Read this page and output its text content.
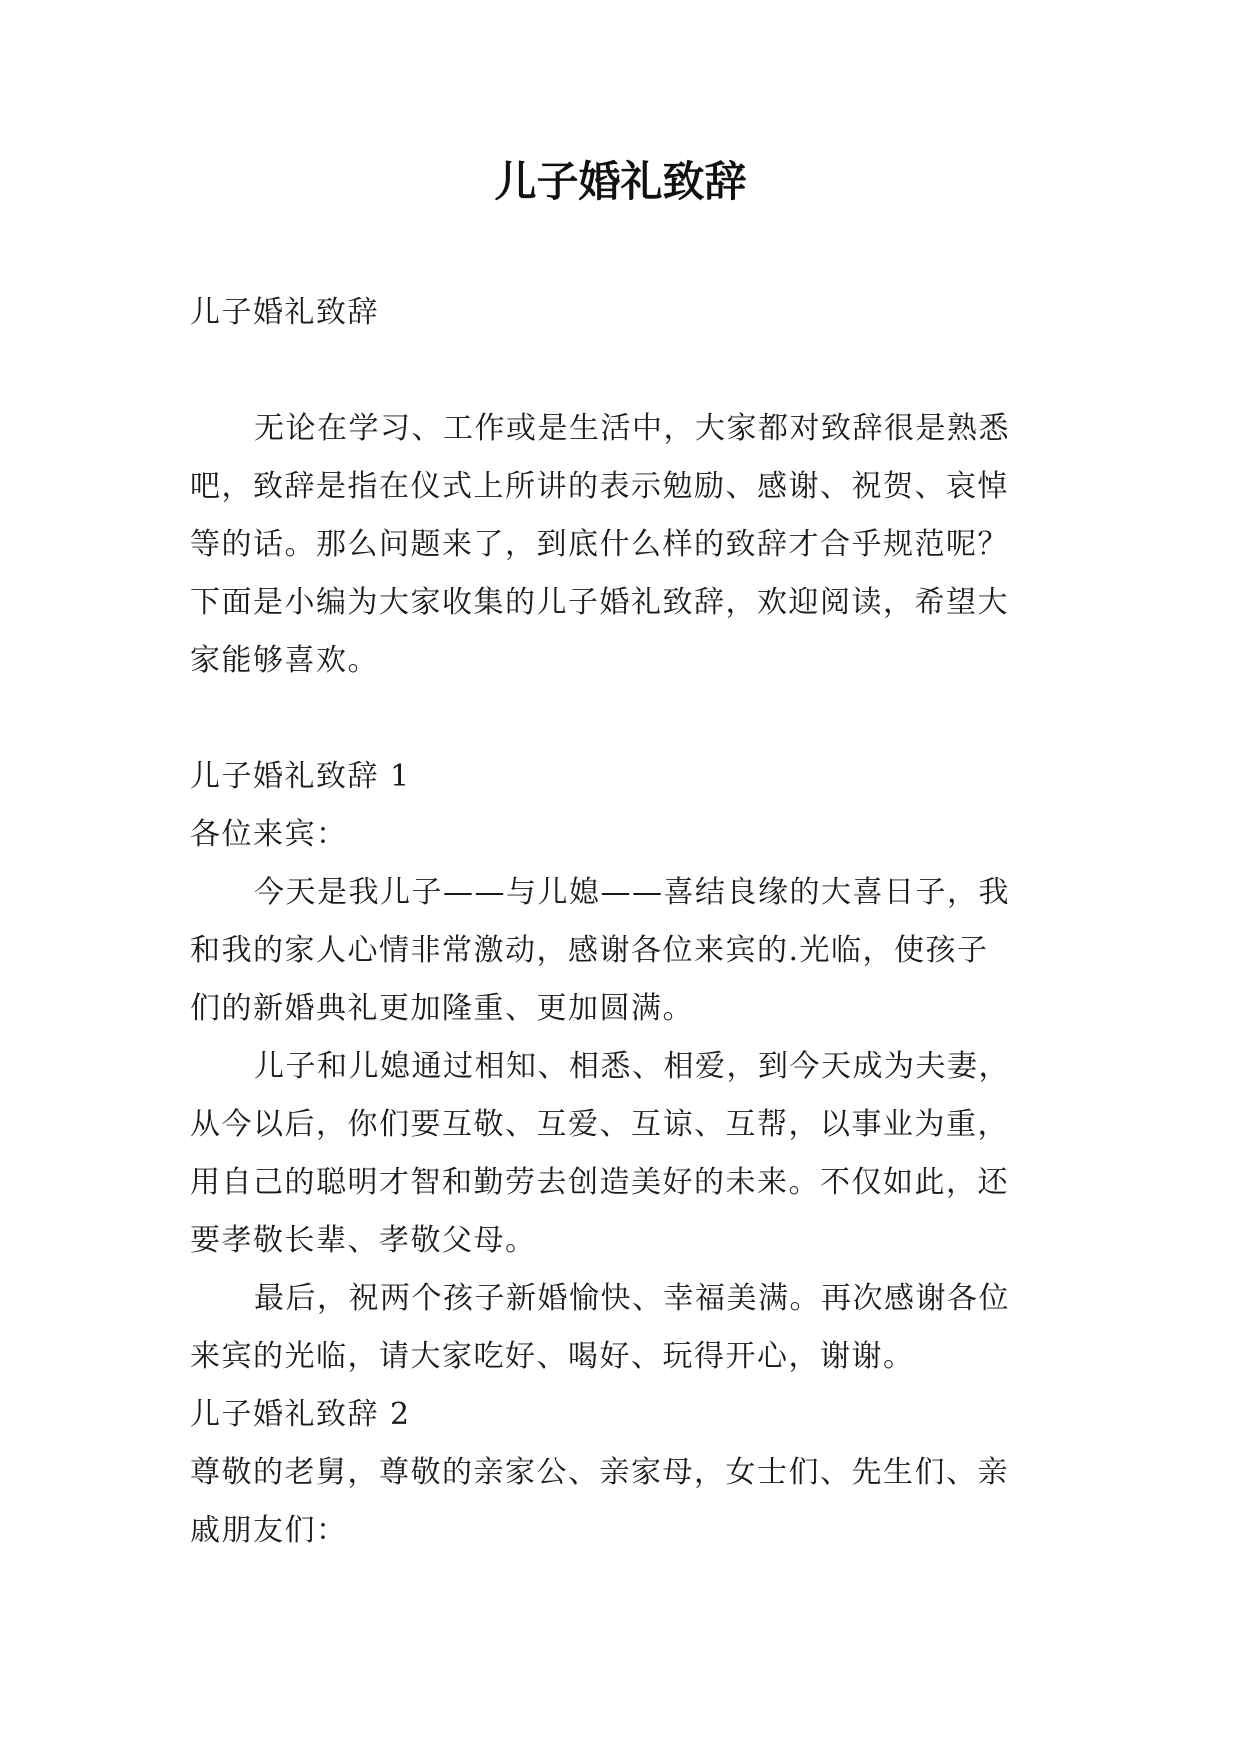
儿子婚礼致辞
儿子婚礼致辞
无论在学习、工作或是生活中，大家都对致辞很是熟悉
吧，致辞是指在仪式上所讲的表示勉励、感谢、祝贺、哀悼
等的话。那么问题来了，到底什么样的致辞才合乎规范呢？
下面是小编为大家收集的儿子婚礼致辞，欢迎阅读，希望大
家能够喜欢。
儿子婚礼致辞 1
各位来宾：
今天是我儿子——与儿媳——喜结良缘的大喜日子，我
和我的家人心情非常激动，感谢各位来宾的.光临，使孩子
们的新婚典礼更加隆重、更加圆满。
儿子和儿媳通过相知、相悉、相爱，到今天成为夫妻，
从今以后，你们要互敬、互爱、互谅、互帮，以事业为重，
用自己的聪明才智和勤劳去创造美好的未来。不仅如此，还
要孝敬长辈、孝敬父母。
最后，祝两个孩子新婚愉快、幸福美满。再次感谢各位
来宾的光临，请大家吃好、喝好、玩得开心，谢谢。
儿子婚礼致辞 2
尊敬的老舅，尊敬的亲家公、亲家母，女士们、先生们、亲
戚朋友们：
